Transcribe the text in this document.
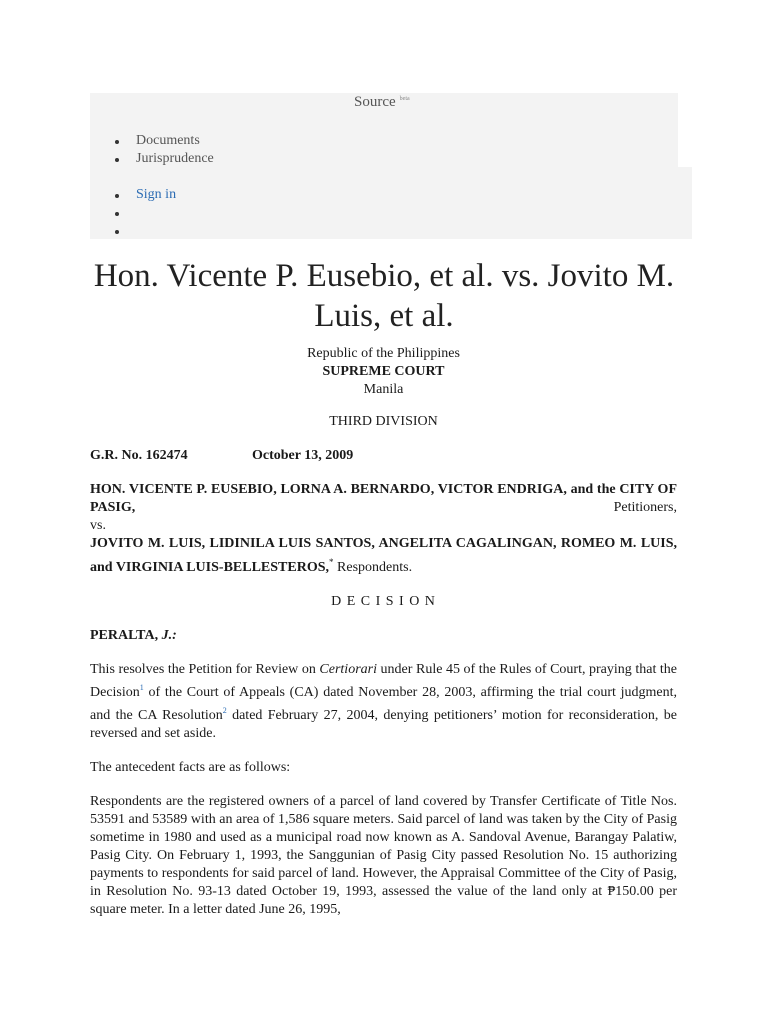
Source $^{beta}$
Documents
Jurisprudence
Sign in
Hon. Vicente P. Eusebio, et al. vs. Jovito M. Luis, et al.

Republic of the Philippines

SUPREME COURT

Manila

THIRD DIVISION

G.R. No. 162474	October 13, 2009

HON. VICENTE P. EUSEBIO, LORNA A. BERNARDO, VICTOR ENDRIGA, and the CITY OF PASIG,	Petitioners,

vs.

JOVITO M. LUIS, LIDINILA LUIS SANTOS, ANGELITA CAGALINGAN, ROMEO M. LUIS, and VIRGINIA LUIS-BELLESTEROS,* Respondents.

D E C I S I O N

PERALTA, J.:

This resolves the Petition for Review on Certiorari under Rule 45 of the Rules of Court, praying that the Decision$^1$ of the Court of Appeals (CA) dated November 28, 2003, affirming the trial court judgment, and the CA Resolution$^2$ dated February 27, 2004, denying petitioners’ motion for reconsideration, be reversed and set aside.

The antecedent facts are as follows:

Respondents are the registered owners of a parcel of land covered by Transfer Certificate of Title Nos. 53591 and 53589 with an area of 1,586 square meters. Said parcel of land was taken by the City of Pasig sometime in 1980 and used as a municipal road now known as A. Sandoval Avenue, Barangay Palatiw, Pasig City. On February 1, 1993, the Sanggunian of Pasig City passed Resolution No. 15 authorizing payments to respondents for said parcel of land. However, the Appraisal Committee of the City of Pasig, in Resolution No. 93-13 dated October 19, 1993, assessed the value of the land only at ₱150.00 per square meter. In a letter dated June 26, 1995,
